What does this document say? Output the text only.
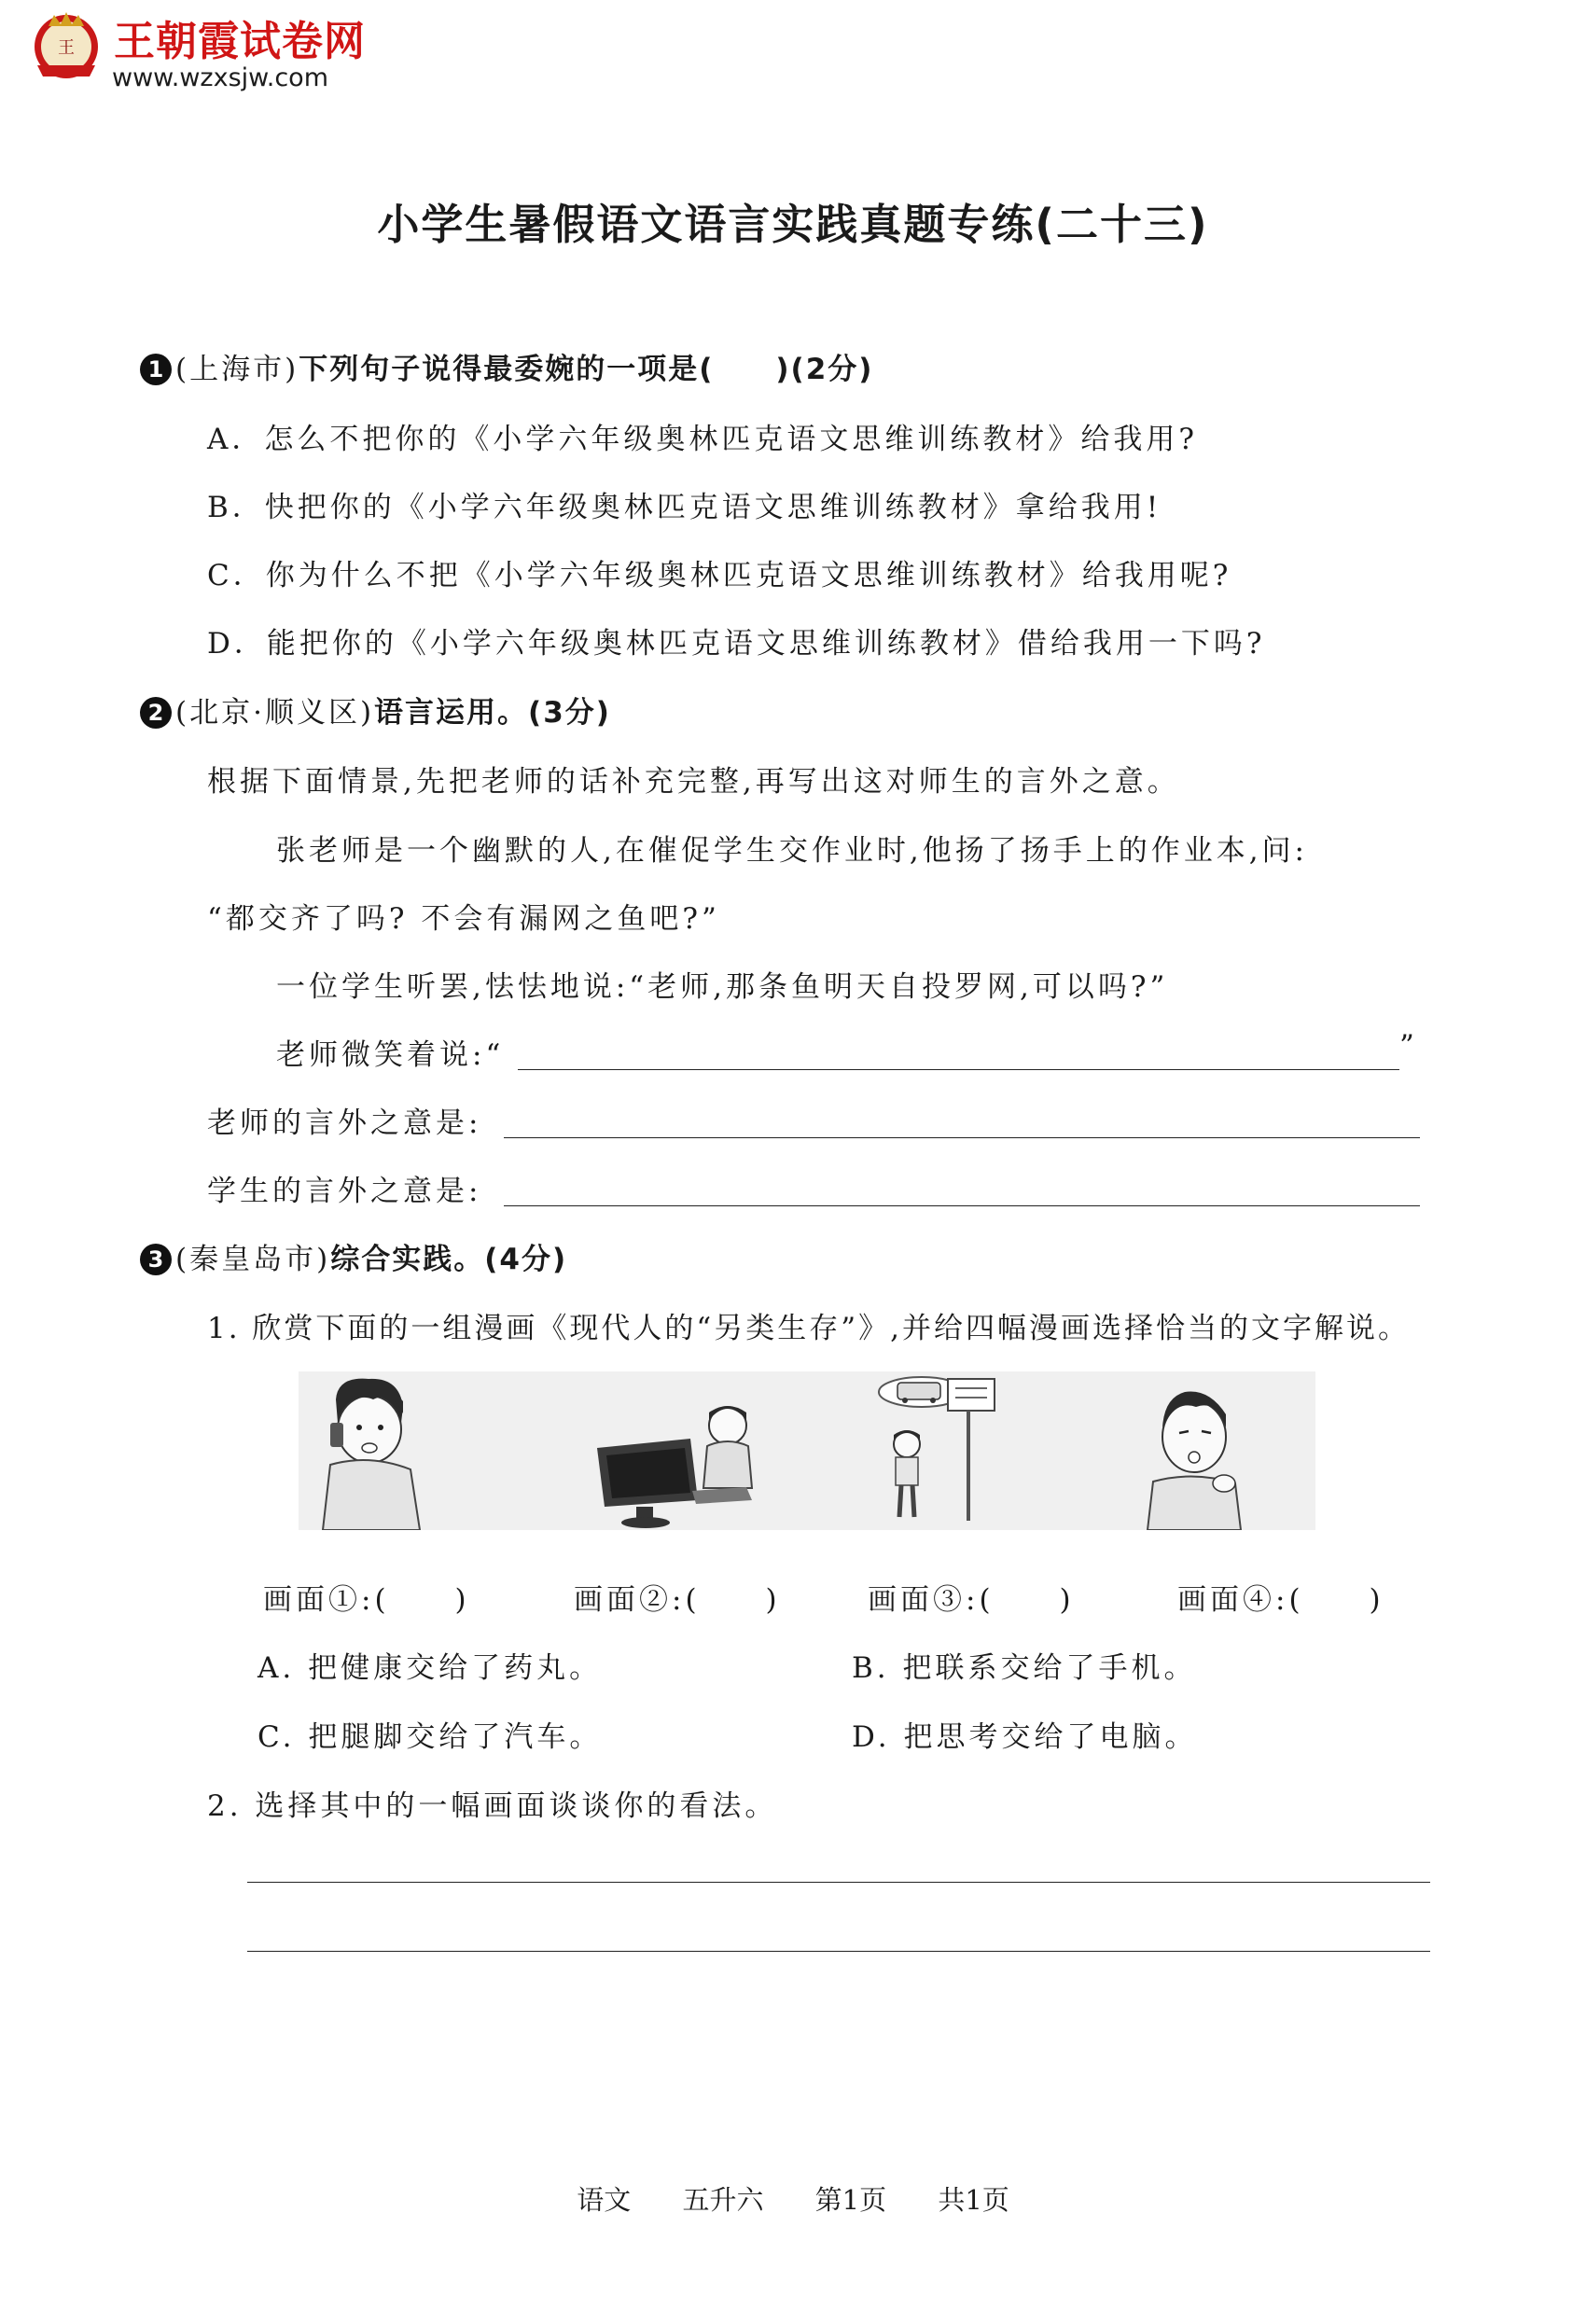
王 王朝霞试卷网
www.wzxsjw.com
小学生暑假语文语言实践真题专练(二十三)
1 (上海市)下列句子说得最委婉的一项是(　　)(2分)
A．怎么不把你的《小学六年级奥林匹克语文思维训练教材》给我用?
B．快把你的《小学六年级奥林匹克语文思维训练教材》拿给我用!
C．你为什么不把《小学六年级奥林匹克语文思维训练教材》给我用呢?
D．能把你的《小学六年级奥林匹克语文思维训练教材》借给我用一下吗?
2 (北京·顺义区)语言运用。(3分)
根据下面情景,先把老师的话补充完整,再写出这对师生的言外之意。
张老师是一个幽默的人,在催促学生交作业时,他扬了扬手上的作业本,问:
“都交齐了吗? 不会有漏网之鱼吧?”
一位学生听罢,怯怯地说:“老师,那条鱼明天自投罗网,可以吗?”
老师微笑着说:“	”
老师的言外之意是:
学生的言外之意是:
3 (秦皇岛市)综合实践。(4分)
1. 欣赏下面的一组漫画《现代人的“另类生存”》,并给四幅漫画选择恰当的文字解说。
画面①:(　　)	画面②:(　　)	画面③:(　　)	画面④:(　　)
A. 把健康交给了药丸。	B. 把联系交给了手机。
C. 把腿脚交给了汽车。	D. 把思考交给了电脑。
2. 选择其中的一幅画面谈谈你的看法。
语文 五升六 第1页 共1页
